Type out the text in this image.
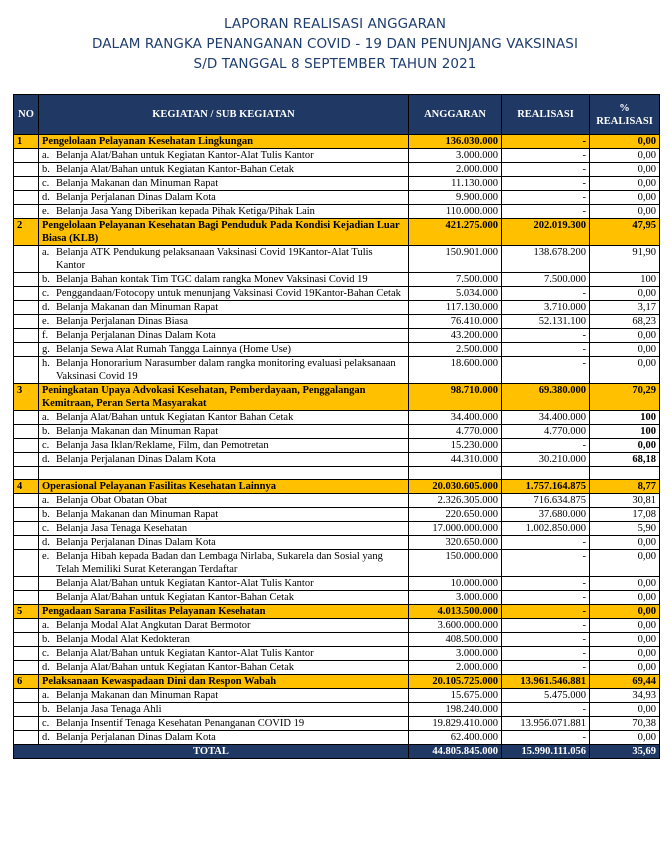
LAPORAN REALISASI ANGGARAN
DALAM RANGKA PENANGANAN COVID - 19 DAN PENUNJANG VAKSINASI
S/D TANGGAL 8 SEPTEMBER TAHUN 2021
NO	KEGIATAN / SUB KEGIATAN	ANGGARAN	REALISASI	% REALISASI
1	Pengelolaan Pelayanan Kesehatan Lingkungan	136.030.000	-	0,00
	a. Belanja Alat/Bahan untuk Kegiatan Kantor-Alat Tulis Kantor	3.000.000	-	0,00
	b. Belanja Alat/Bahan untuk Kegiatan Kantor-Bahan Cetak	2.000.000	-	0,00
	c. Belanja Makanan dan Minuman Rapat	11.130.000	-	0,00
	d. Belanja Perjalanan Dinas Dalam Kota	9.900.000	-	0,00
	e. Belanja Jasa Yang Diberikan kepada Pihak Ketiga/Pihak Lain	110.000.000	-	0,00
2	Pengelolaan Pelayanan Kesehatan Bagi Penduduk Pada Kondisi Kejadian Luar Biasa (KLB)	421.275.000	202.019.300	47,95
	a. Belanja ATK Pendukung pelaksanaan Vaksinasi Covid 19Kantor-Alat Tulis Kantor	150.901.000	138.678.200	91,90
	b. Belanja Bahan kontak Tim TGC dalam rangka Monev Vaksinasi Covid 19	7.500.000	7.500.000	100
	c. Penggandaan/Fotocopy untuk menunjang Vaksinasi Covid 19Kantor-Bahan Cetak	5.034.000	-	0,00
	d. Belanja Makanan dan Minuman Rapat	117.130.000	3.710.000	3,17
	e. Belanja Perjalanan Dinas Biasa	76.410.000	52.131.100	68,23
	f. Belanja Perjalanan Dinas Dalam Kota	43.200.000	-	0,00
	g. Belanja Sewa Alat Rumah Tangga Lainnya (Home Use)	2.500.000	-	0,00
	h. Belanja Honorarium Narasumber dalam rangka monitoring evaluasi pelaksanaan Vaksinasi Covid 19	18.600.000	-	0,00
3	Peningkatan Upaya Advokasi Kesehatan, Pemberdayaan, Penggalangan Kemitraan, Peran Serta Masyarakat	98.710.000	69.380.000	70,29
	a. Belanja Alat/Bahan untuk Kegiatan Kantor Bahan Cetak	34.400.000	34.400.000	100
	b. Belanja Makanan dan Minuman Rapat	4.770.000	4.770.000	100
	c. Belanja Jasa Iklan/Reklame, Film, dan Pemotretan	15.230.000	-	0,00
	d. Belanja Perjalanan Dinas Dalam Kota	44.310.000	30.210.000	68,18

4	Operasional Pelayanan Fasilitas Kesehatan Lainnya	20.030.605.000	1.757.164.875	8,77
	a. Belanja Obat Obatan Obat	2.326.305.000	716.634.875	30,81
	b. Belanja Makanan dan Minuman Rapat	220.650.000	37.680.000	17,08
	c. Belanja Jasa Tenaga Kesehatan	17.000.000.000	1.002.850.000	5,90
	d. Belanja Perjalanan Dinas Dalam Kota	320.650.000	-	0,00
	e. Belanja Hibah kepada Badan dan Lembaga Nirlaba, Sukarela dan Sosial yang Telah Memiliki Surat Keterangan Terdaftar	150.000.000	-	0,00
	Belanja Alat/Bahan untuk Kegiatan Kantor-Alat Tulis Kantor	10.000.000	-	0,00
	Belanja Alat/Bahan untuk Kegiatan Kantor-Bahan Cetak	3.000.000	-	0,00
5	Pengadaan Sarana Fasilitas Pelayanan Kesehatan	4.013.500.000	-	0,00
	a. Belanja Modal Alat Angkutan Darat Bermotor	3.600.000.000	-	0,00
	b. Belanja Modal Alat Kedokteran	408.500.000	-	0,00
	c. Belanja Alat/Bahan untuk Kegiatan Kantor-Alat Tulis Kantor	3.000.000	-	0,00
	d. Belanja Alat/Bahan untuk Kegiatan Kantor-Bahan Cetak	2.000.000	-	0,00
6	Pelaksanaan Kewaspadaan Dini dan Respon Wabah	20.105.725.000	13.961.546.881	69,44
	a. Belanja Makanan dan Minuman Rapat	15.675.000	5.475.000	34,93
	b. Belanja Jasa Tenaga Ahli	198.240.000	-	0,00
	c. Belanja Insentif Tenaga Kesehatan Penanganan COVID 19	19.829.410.000	13.956.071.881	70,38
	d. Belanja Perjalanan Dinas Dalam Kota	62.400.000	-	0,00
TOTAL		44.805.845.000	15.990.111.056	35,69
